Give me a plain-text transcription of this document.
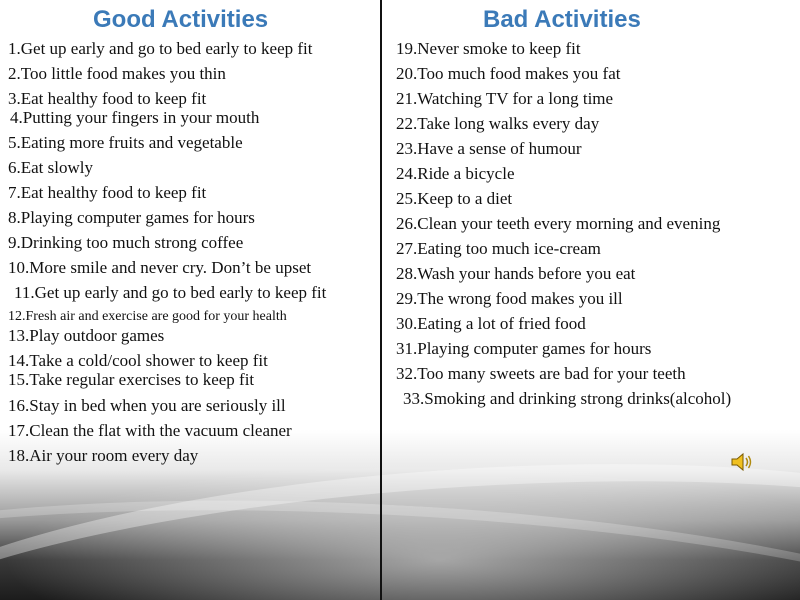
Good Activities	Bad Activities
1.Get up early and go to bed early to keep fit
2.Too little food makes you thin
3.Eat healthy food to keep fit
4.Putting your fingers in your mouth
5.Eating more fruits and vegetable
6.Eat slowly
7.Eat healthy food to keep fit
8.Playing computer games for hours
9.Drinking too much strong coffee
10.More smile and never cry. Don’t be upset
11.Get up early and go to bed early to keep fit
12.Fresh air and exercise are good for your health
13.Play outdoor games
14.Take a cold/cool shower to keep fit
15.Take regular exercises to keep fit
16.Stay in bed when you are seriously ill
17.Clean the flat with the vacuum cleaner
18.Air your room every day
19.Never smoke to keep fit
20.Too much food makes you fat
21.Watching TV for a long time
22.Take long walks every day
23.Have a sense of humour
24.Ride a bicycle
25.Keep to a diet
26.Clean your teeth every morning and evening
27.Eating too much ice-cream
28.Wash your hands before you eat
29.The wrong food makes you ill
30.Eating a lot of fried food
31.Playing computer games for hours
32.Too many sweets are bad for your teeth
33.Smoking and drinking strong drinks(alcohol)
